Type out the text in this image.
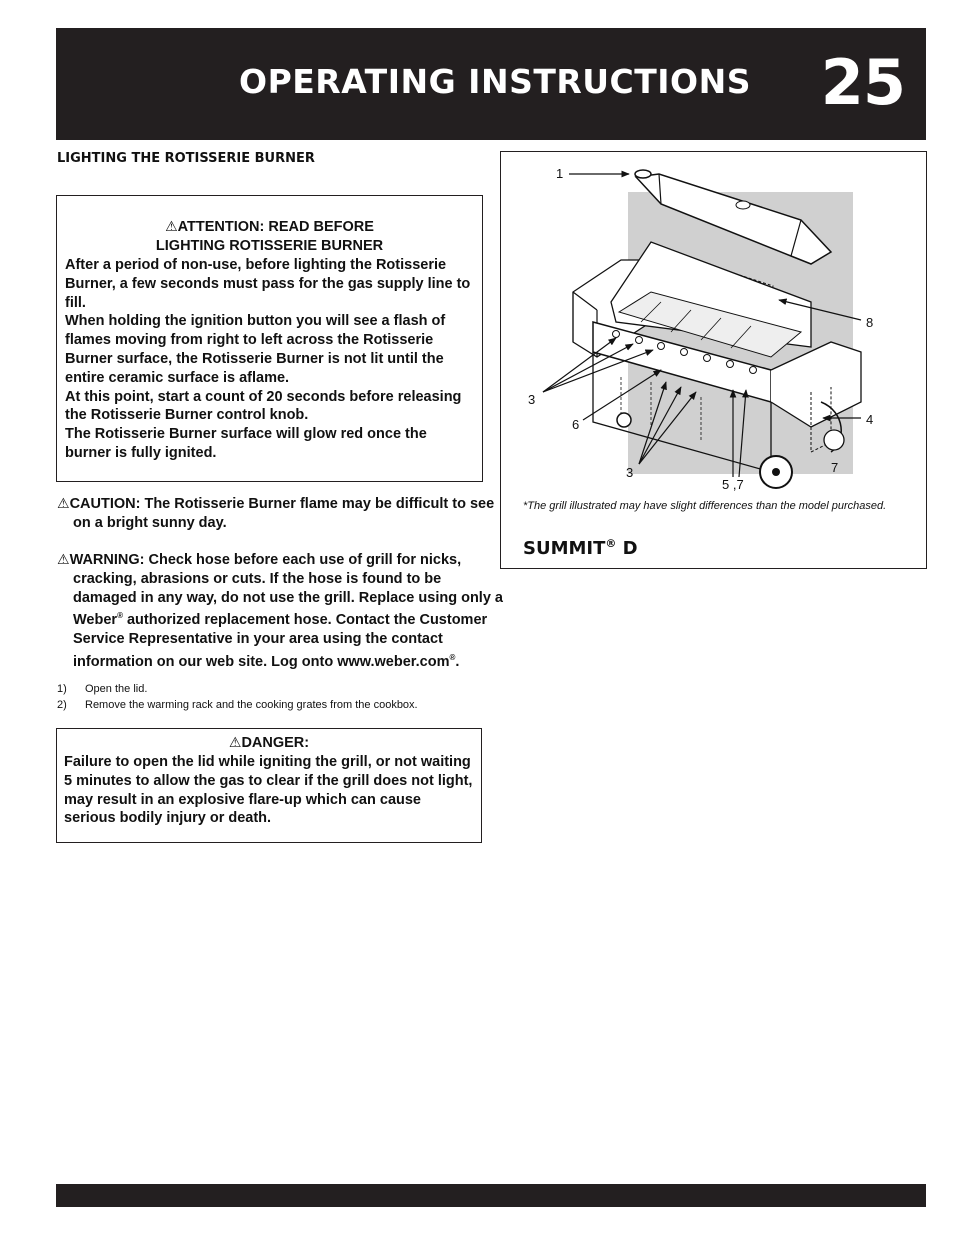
OPERATING INSTRUCTIONS 25
LIGHTING THE ROTISSERIE BURNER
⚠ATTENTION: READ BEFORE
LIGHTING ROTISSERIE BURNER
After a period of non-use, before lighting the Rotisserie Burner, a few seconds must pass for the gas supply line to fill.
When holding the ignition button you will see a flash of flames moving from right to left across the Rotisserie Burner surface, the Rotisserie Burner is not lit until the entire ceramic surface is aflame.
At this point, start a count of 20 seconds before releasing the Rotisserie Burner control knob.
The Rotisserie Burner surface will glow red once the burner is fully ignited.
⚠CAUTION: The Rotisserie Burner flame may be difficult to see on a bright sunny day.
⚠WARNING: Check hose before each use of grill for nicks, cracking, abrasions or cuts. If the hose is found to be damaged in any way, do not use the grill. Replace using only a Weber® authorized replacement hose. Contact the Customer Service Representative in your area using the contact information on our web site. Log onto www.weber.com®.
1)	Open the lid.
2)	Remove the warming rack and the cooking grates from the cookbox.
⚠DANGER:
Failure to open the lid while igniting the grill, or not waiting 5 minutes to allow the gas to clear if the grill does not light, may result in an explosive flare-up which can cause serious bodily injury or death.
1
8
3
6	4
3
5 ,7
7
*The grill illustrated may have slight differences than the model purchased.
SUMMIT® D
